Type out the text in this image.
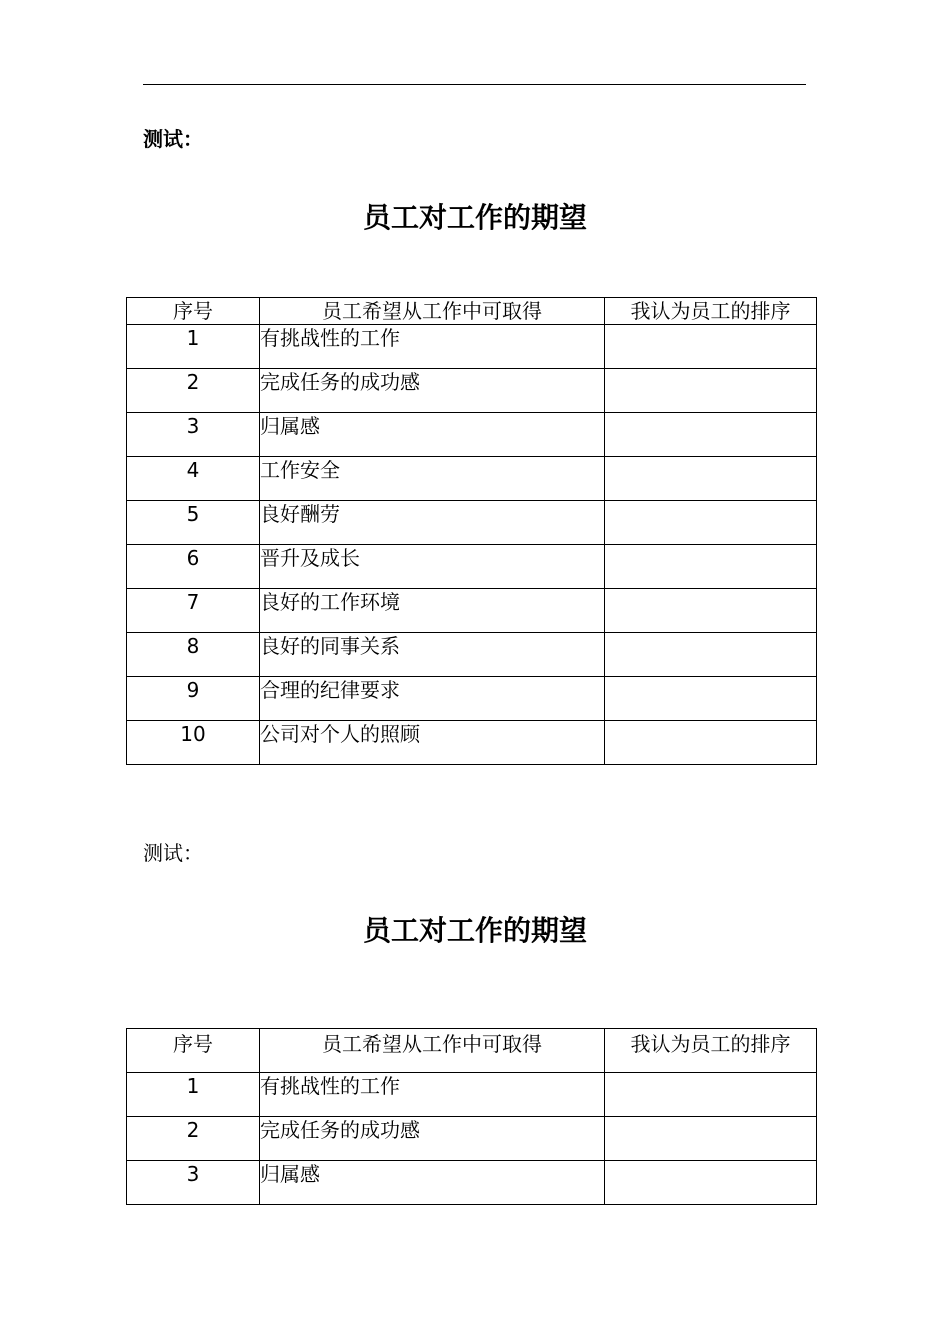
测试：
员工对工作的期望
序号	员工希望从工作中可取得	我认为员工的排序
1	有挑战性的工作	
2	完成任务的成功感	
3	归属感	
4	工作安全	
5	良好酬劳	
6	晋升及成长	
7	良好的工作环境	
8	良好的同事关系	
9	合理的纪律要求	
10	公司对个人的照顾	
测试：
员工对工作的期望
序号	员工希望从工作中可取得	我认为员工的排序
1	有挑战性的工作	
2	完成任务的成功感	
3	归属感	
